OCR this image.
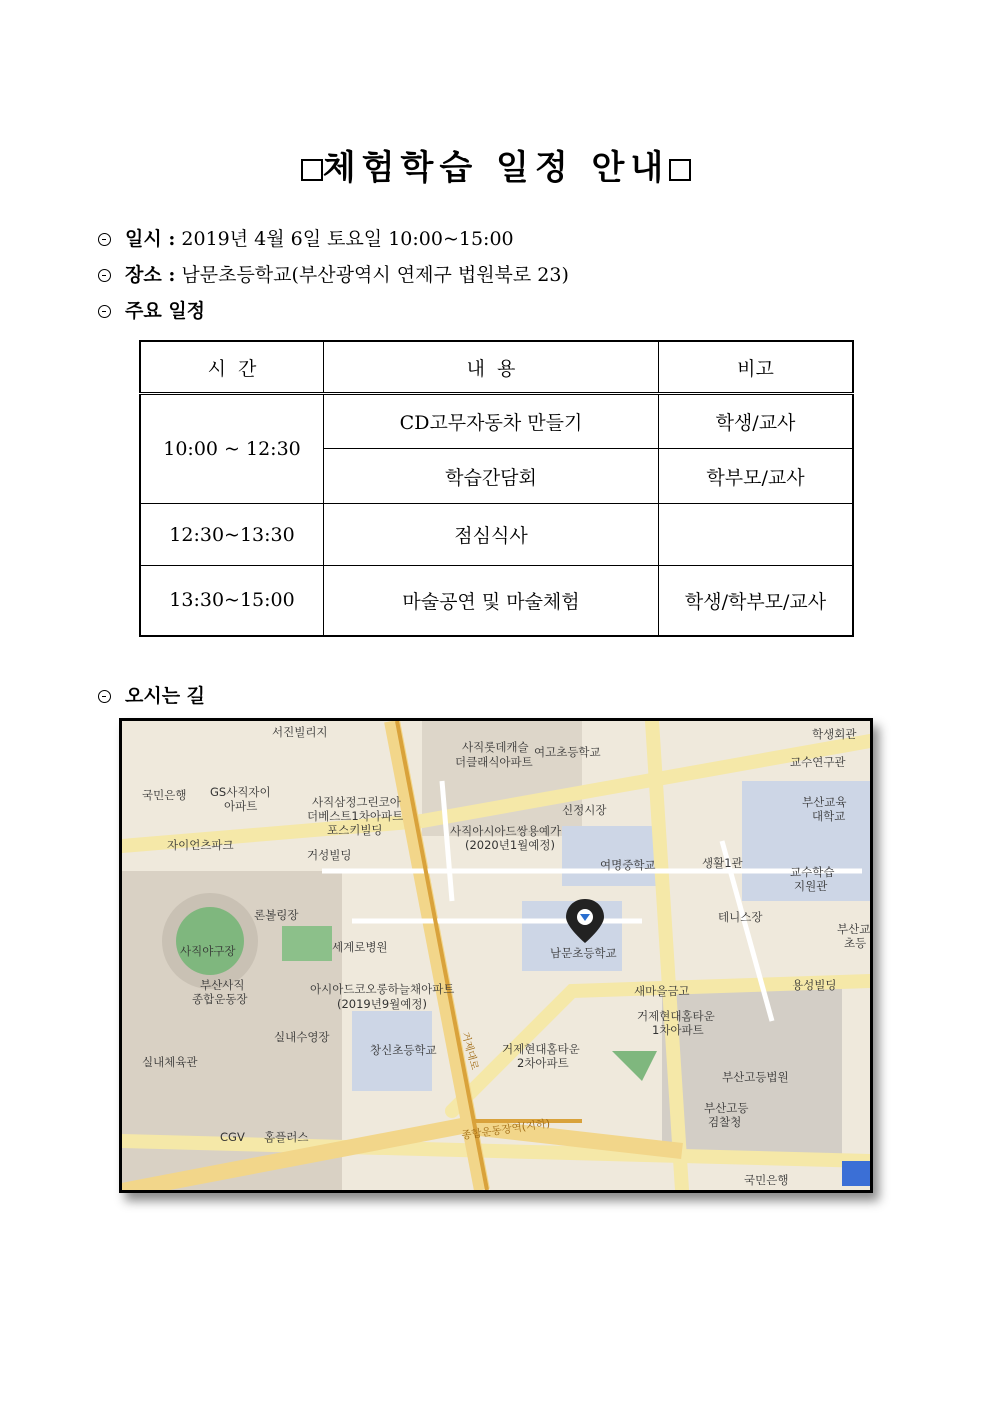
체험학습 일정 안내
일시 : 2019년 4월 6일 토요일 10:00~15:00
장소 : 남문초등학교(부산광역시 연제구 법원북로 23)
주요 일정
시  간	내  용	비고
10:00 ~ 12:30	CD고무자동차 만들기	학생/교사
	학습간담회	학부모/교사
12:30~13:30	점심식사	
13:30~15:00	마술공연 및 마술체험	학생/학부모/교사
오시는 길
서진빌리지
사직롯데캐슬
더클래식아파트
여고초등학교
학생회관
교수연구관
국민은행 GS사직자이
아파트	사직삼정그린코아
더베스트1차아파트
포스키빌딩
신정시장
부산교육
대학교
자이언츠파크
사직아시아드쌍용예가
(2020년1월예정)
거성빌딩
여명중학교	생활1관
교수학습
지원관
론볼링장	테니스장
부산교
초등
사직야구장	세계로병원	남문초등학교
부산사직
종합운동장
아시아드코오롱하늘채아파트
(2019년9월예정)
새마을금고	용성빌딩
거제현대홈타운
1차아파트
실내수영장
실내체육관
창신초등학교	거제현대홈타운
2차아파트
부산고등법원
부산고등
검찰청
CGV 홈플러스
국민은행
종합운동장역(지하)
거제대로
